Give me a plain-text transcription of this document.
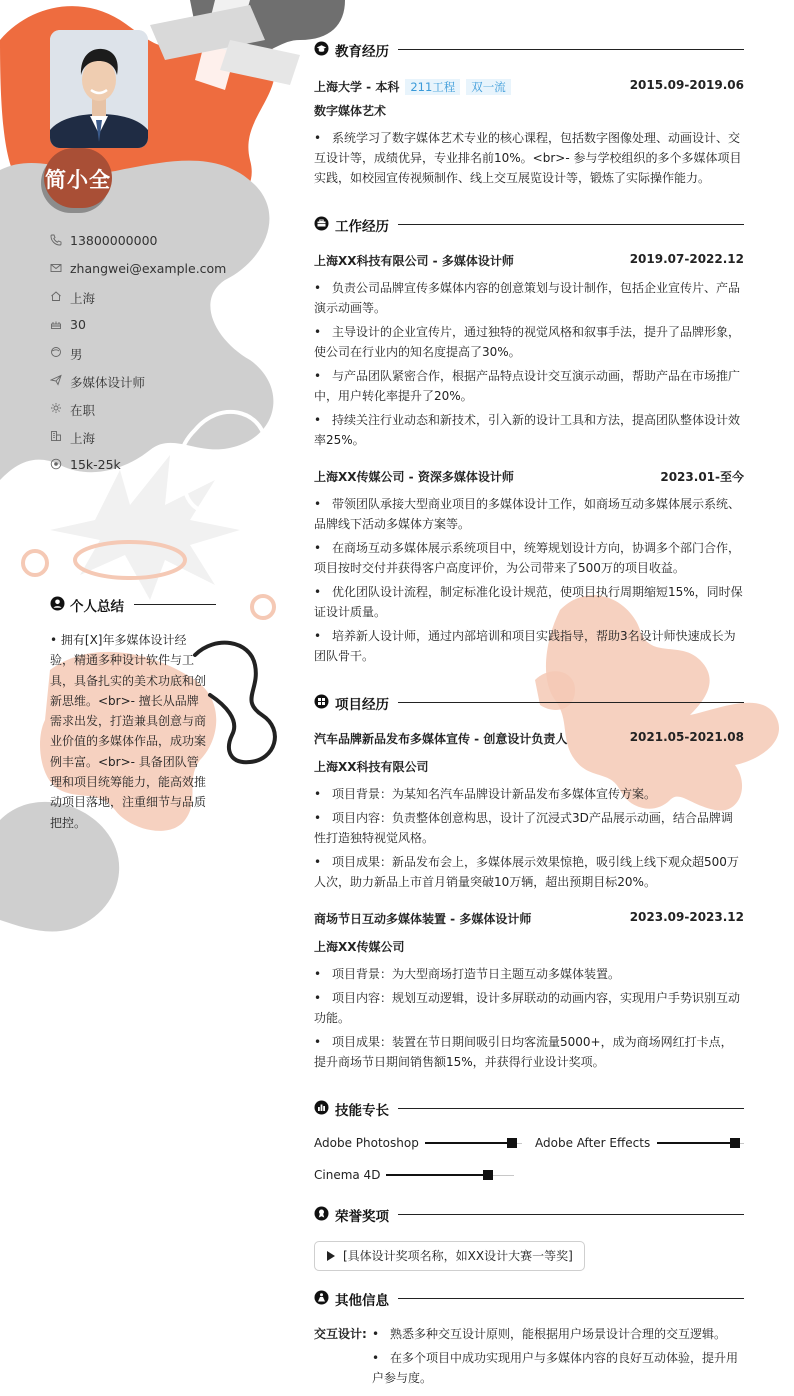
简小全
13800000000
zhangwei@example.com
上海
30
男
多媒体设计师
在职
上海
15k-25k
个人总结
• 拥有[X]年多媒体设计经验，精通多种设计软件与工具，具备扎实的美术功底和创新思维。<br>- 擅长从品牌需求出发，打造兼具创意与商业价值的多媒体作品，成功案例丰富。<br>- 具备团队管理和项目统筹能力，能高效推动项目落地，注重细节与品质把控。
教育经历
上海大学 - 本科 211工程 双一流	2015.09-2019.06
数字媒体艺术
• 系统学习了数字媒体艺术专业的核心课程，包括数字图像处理、动画设计、交互设计等，成绩优异，专业排名前10%。<br>- 参与学校组织的多个多媒体项目实践，如校园宣传视频制作、线上交互展览设计等，锻炼了实际操作能力。
工作经历
上海XX科技有限公司 - 多媒体设计师	2019.07-2022.12
• 负责公司品牌宣传多媒体内容的创意策划与设计制作，包括企业宣传片、产品演示动画等。
• 主导设计的企业宣传片，通过独特的视觉风格和叙事手法，提升了品牌形象，使公司在行业内的知名度提高了30%。
• 与产品团队紧密合作，根据产品特点设计交互演示动画，帮助产品在市场推广中，用户转化率提升了20%。
• 持续关注行业动态和新技术，引入新的设计工具和方法，提高团队整体设计效率25%。
上海XX传媒公司 - 资深多媒体设计师	2023.01-至今
• 带领团队承接大型商业项目的多媒体设计工作，如商场互动多媒体展示系统、品牌线下活动多媒体方案等。
• 在商场互动多媒体展示系统项目中，统筹规划设计方向，协调多个部门合作，项目按时交付并获得客户高度评价，为公司带来了500万的项目收益。
• 优化团队设计流程，制定标准化设计规范，使项目执行周期缩短15%，同时保证设计质量。
• 培养新人设计师，通过内部培训和项目实践指导，帮助3名设计师快速成长为团队骨干。
项目经历
汽车品牌新品发布多媒体宣传 - 创意设计负责人	2021.05-2021.08
上海XX科技有限公司
• 项目背景：为某知名汽车品牌设计新品发布多媒体宣传方案。
• 项目内容：负责整体创意构思，设计了沉浸式3D产品展示动画，结合品牌调性打造独特视觉风格。
• 项目成果：新品发布会上，多媒体展示效果惊艳，吸引线上线下观众超500万人次，助力新品上市首月销量突破10万辆，超出预期目标20%。
商场节日互动多媒体装置 - 多媒体设计师	2023.09-2023.12
上海XX传媒公司
• 项目背景：为大型商场打造节日主题互动多媒体装置。
• 项目内容：规划互动逻辑，设计多屏联动的动画内容，实现用户手势识别互动功能。
• 项目成果：装置在节日期间吸引日均客流量5000+，成为商场网红打卡点，提升商场节日期间销售额15%，并获得行业设计奖项。
技能专长
Adobe Photoshop	Adobe After Effects
Cinema 4D
荣誉奖项
[具体设计奖项名称，如XX设计大赛一等奖]
其他信息
交互设计: • 熟悉多种交互设计原则，能根据用户场景设计合理的交互逻辑。
• 在多个项目中成功实现用户与多媒体内容的良好互动体验，提升用户参与度。
